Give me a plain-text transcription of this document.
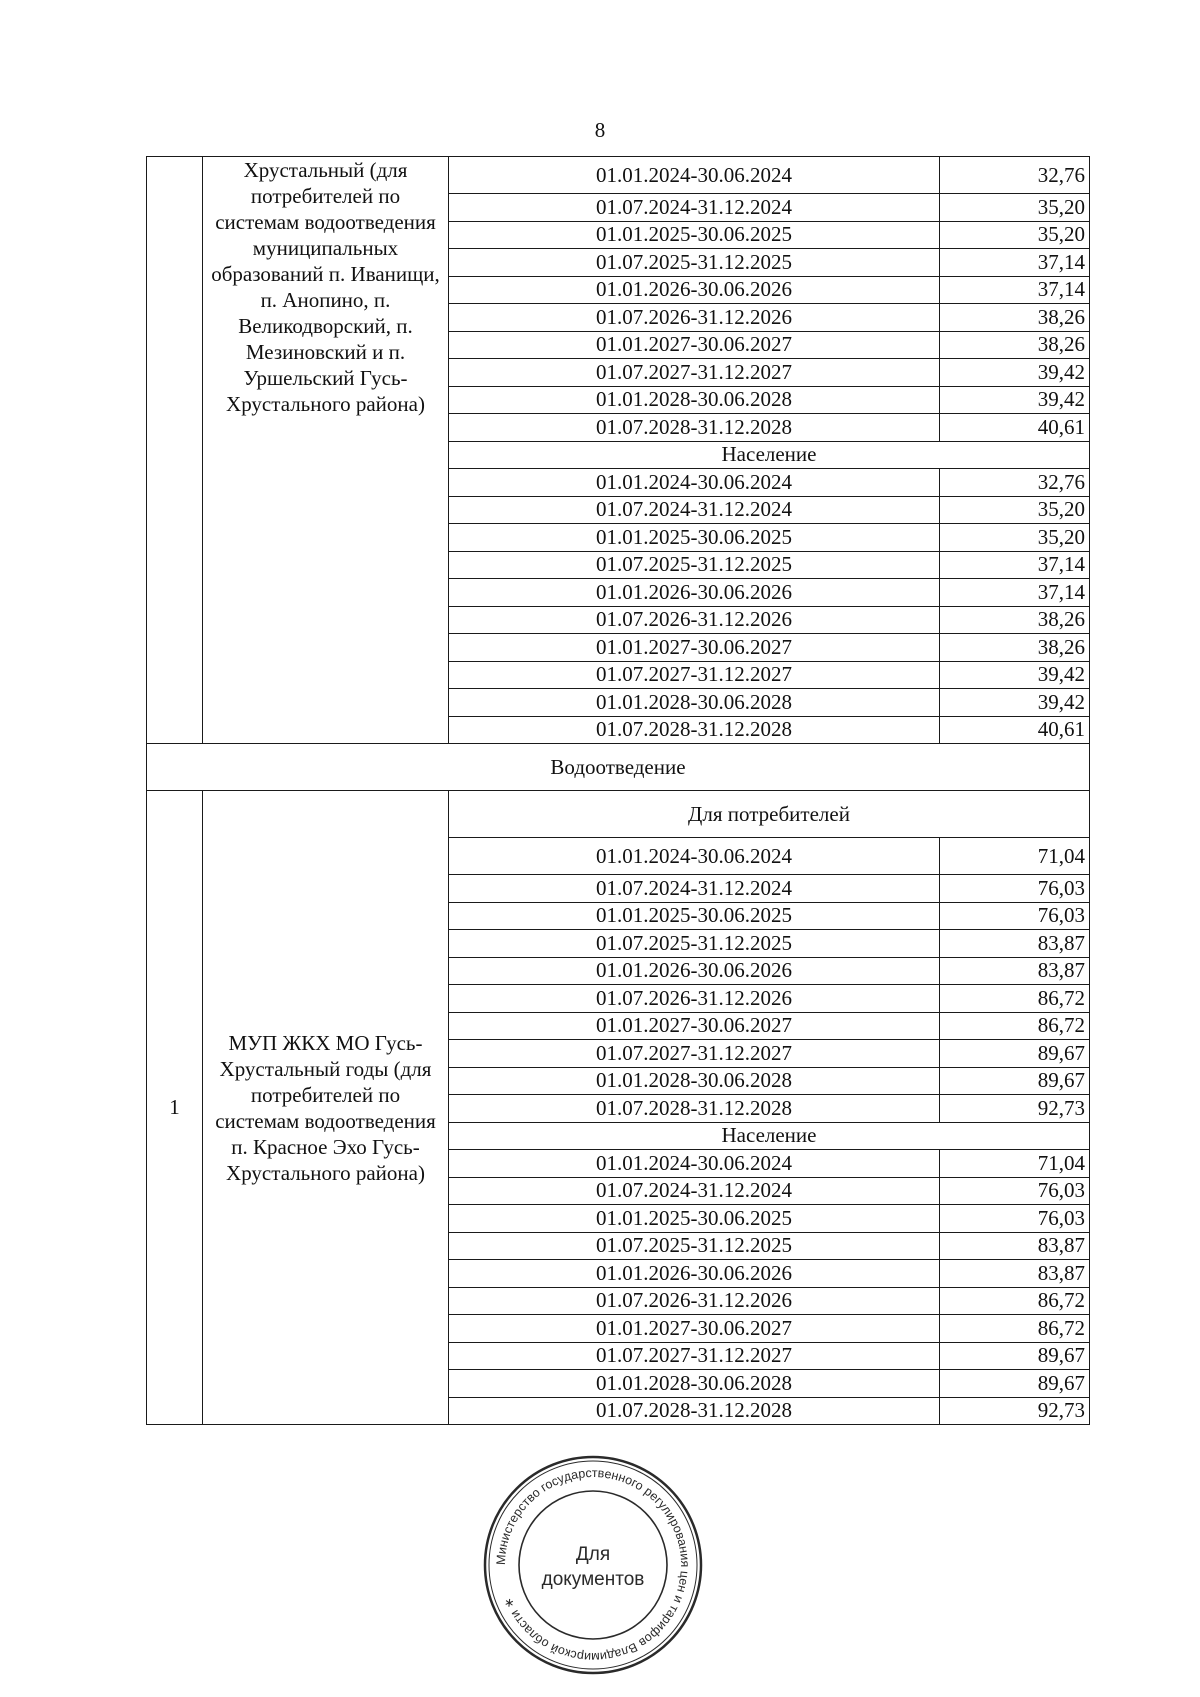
8
	Хрустальный (для потребителей по системам водоотведения муниципальных образований п. Иванищи, п. Анопино, п. Великодворский, п. Мезиновский и п. Уршельский Гусь-Хрустального района)	01.01.2024-30.06.2024	32,76
		01.07.2024-31.12.2024	35,20
		01.01.2025-30.06.2025	35,20
		01.07.2025-31.12.2025	37,14
		01.01.2026-30.06.2026	37,14
		01.07.2026-31.12.2026	38,26
		01.01.2027-30.06.2027	38,26
		01.07.2027-31.12.2027	39,42
		01.01.2028-30.06.2028	39,42
		01.07.2028-31.12.2028	40,61
		Население	
		01.01.2024-30.06.2024	32,76
		01.07.2024-31.12.2024	35,20
		01.01.2025-30.06.2025	35,20
		01.07.2025-31.12.2025	37,14
		01.01.2026-30.06.2026	37,14
		01.07.2026-31.12.2026	38,26
		01.01.2027-30.06.2027	38,26
		01.07.2027-31.12.2027	39,42
		01.01.2028-30.06.2028	39,42
		01.07.2028-31.12.2028	40,61
Водоотведение			
1	МУП ЖКХ МО Гусь-Хрустальный годы (для потребителей по системам водоотведения п. Красное Эхо Гусь-Хрустального района)	Для потребителей	
		01.01.2024-30.06.2024	71,04
		01.07.2024-31.12.2024	76,03
		01.01.2025-30.06.2025	76,03
		01.07.2025-31.12.2025	83,87
		01.01.2026-30.06.2026	83,87
		01.07.2026-31.12.2026	86,72
		01.01.2027-30.06.2027	86,72
		01.07.2027-31.12.2027	89,67
		01.01.2028-30.06.2028	89,67
		01.07.2028-31.12.2028	92,73
		Население	
		01.01.2024-30.06.2024	71,04
		01.07.2024-31.12.2024	76,03
		01.01.2025-30.06.2025	76,03
		01.07.2025-31.12.2025	83,87
		01.01.2026-30.06.2026	83,87
		01.07.2026-31.12.2026	86,72
		01.01.2027-30.06.2027	86,72
		01.07.2027-31.12.2027	89,67
		01.01.2028-30.06.2028	89,67
		01.07.2028-31.12.2028	92,73
Министерство государственного регулирования цен и тарифов Владимирской области ∗
Для
документов
